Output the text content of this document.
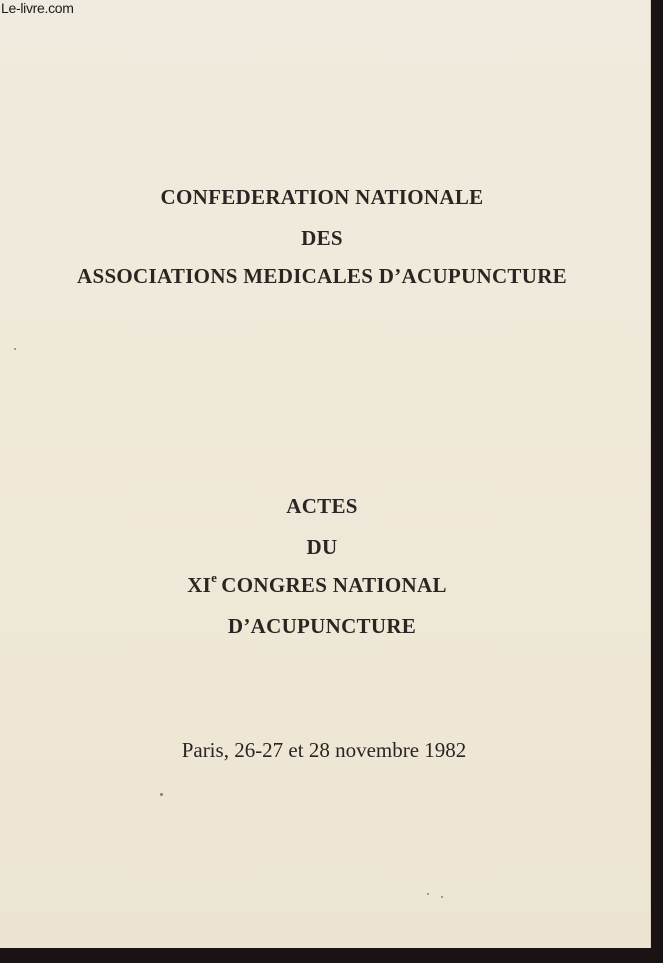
Le-livre.com
CONFEDERATION NATIONALE
DES
ASSOCIATIONS MEDICALES D’ACUPUNCTURE
ACTES
DU
XIe CONGRES NATIONAL
D’ACUPUNCTURE
Paris, 26-27 et 28 novembre 1982
